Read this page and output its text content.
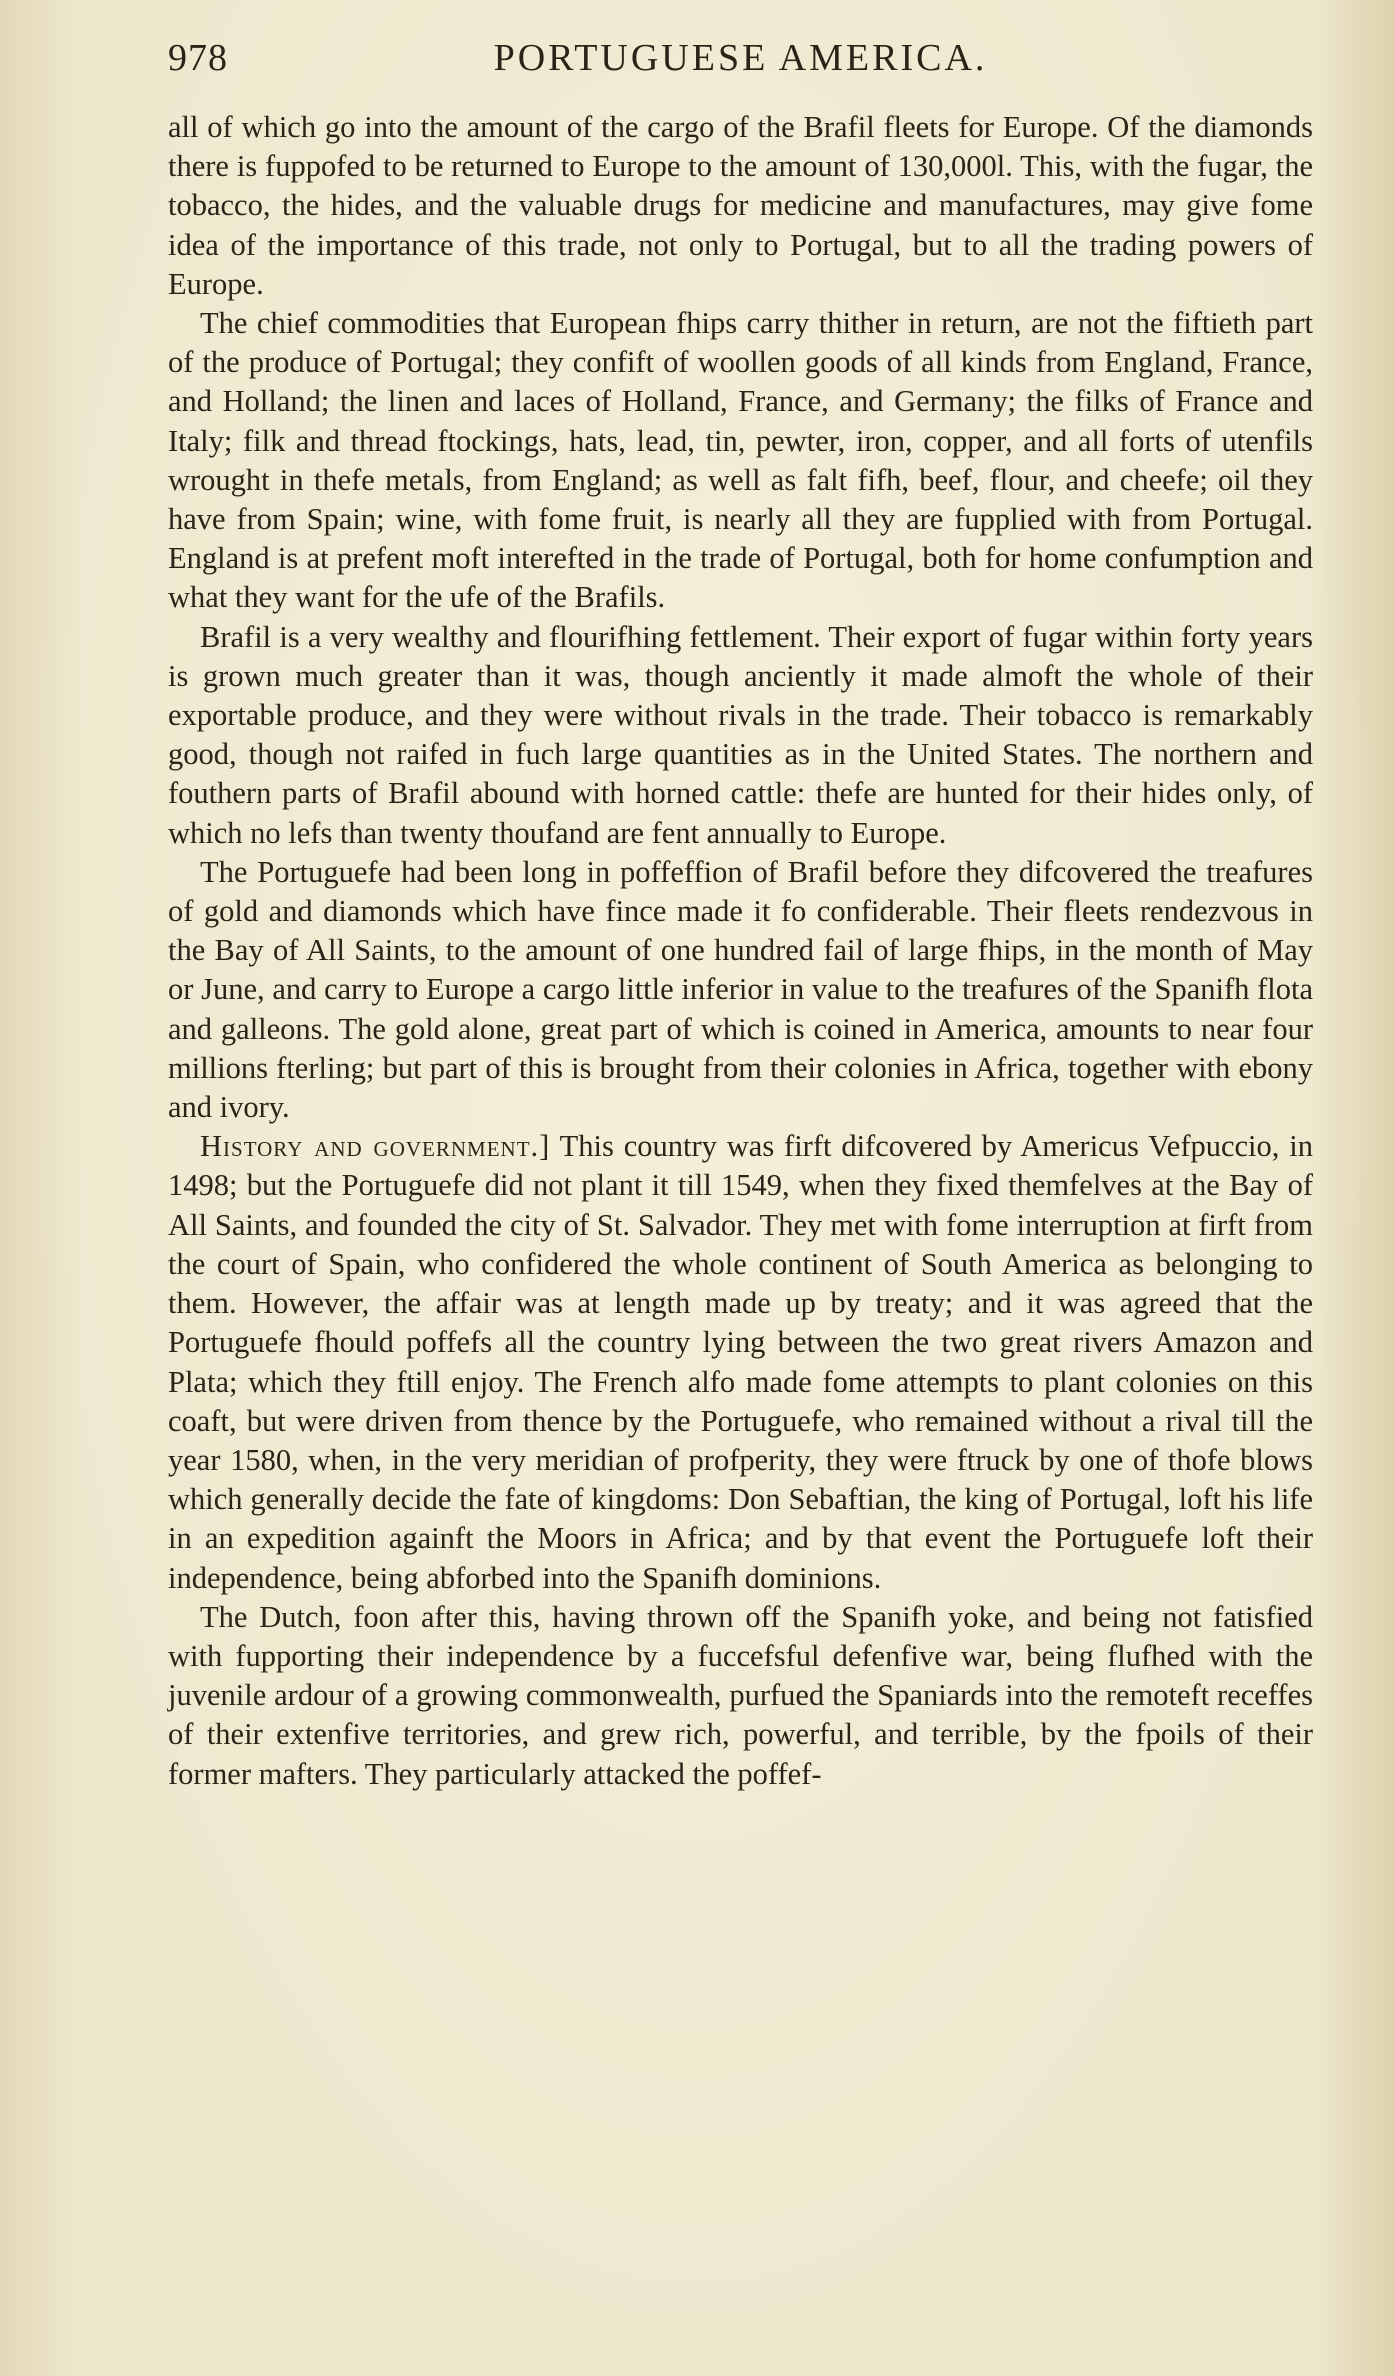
978	PORTUGUESE AMERICA.

all of which go into the amount of the cargo of the Brafil fleets for Europe. Of the diamonds there is fuppofed to be returned to Europe to the amount of 130,000l. This, with the fugar, the tobacco, the hides, and the valuable drugs for medicine and manufactures, may give fome idea of the importance of this trade, not only to Portugal, but to all the trading powers of Europe.

The chief commodities that European fhips carry thither in return, are not the fiftieth part of the produce of Portugal; they confift of woollen goods of all kinds from England, France, and Holland; the linen and laces of Holland, France, and Germany; the filks of France and Italy; filk and thread ftockings, hats, lead, tin, pewter, iron, copper, and all forts of utenfils wrought in thefe metals, from England; as well as falt fifh, beef, flour, and cheefe; oil they have from Spain; wine, with fome fruit, is nearly all they are fupplied with from Portugal. England is at prefent moft interefted in the trade of Portugal, both for home confumption and what they want for the ufe of the Brafils.

Brafil is a very wealthy and flourifhing fettlement. Their export of fugar within forty years is grown much greater than it was, though anciently it made almoft the whole of their exportable produce, and they were without rivals in the trade. Their tobacco is remarkably good, though not raifed in fuch large quantities as in the United States. The northern and fouthern parts of Brafil abound with horned cattle: thefe are hunted for their hides only, of which no lefs than twenty thoufand are fent annually to Europe.

The Portuguefe had been long in poffeffion of Brafil before they difcovered the treafures of gold and diamonds which have fince made it fo confiderable. Their fleets rendezvous in the Bay of All Saints, to the amount of one hundred fail of large fhips, in the month of May or June, and carry to Europe a cargo little inferior in value to the treafures of the Spanifh flota and galleons. The gold alone, great part of which is coined in America, amounts to near four millions fterling; but part of this is brought from their colonies in Africa, together with ebony and ivory.

History and government.] This country was firft difcovered by Americus Vefpuccio, in 1498; but the Portuguefe did not plant it till 1549, when they fixed themfelves at the Bay of All Saints, and founded the city of St. Salvador. They met with fome interruption at firft from the court of Spain, who confidered the whole continent of South America as belonging to them. However, the affair was at length made up by treaty; and it was agreed that the Portuguefe fhould poffefs all the country lying between the two great rivers Amazon and Plata; which they ftill enjoy. The French alfo made fome attempts to plant colonies on this coaft, but were driven from thence by the Portuguefe, who remained without a rival till the year 1580, when, in the very meridian of profperity, they were ftruck by one of thofe blows which generally decide the fate of kingdoms: Don Sebaftian, the king of Portugal, loft his life in an expedition againft the Moors in Africa; and by that event the Portuguefe loft their independence, being abforbed into the Spanifh dominions.

The Dutch, foon after this, having thrown off the Spanifh yoke, and being not fatisfied with fupporting their independence by a fuccefsful defenfive war, being flufhed with the juvenile ardour of a growing commonwealth, purfued the Spaniards into the remoteft receffes of their extenfive territories, and grew rich, powerful, and terrible, by the fpoils of their former mafters. They particularly attacked the poffef-
